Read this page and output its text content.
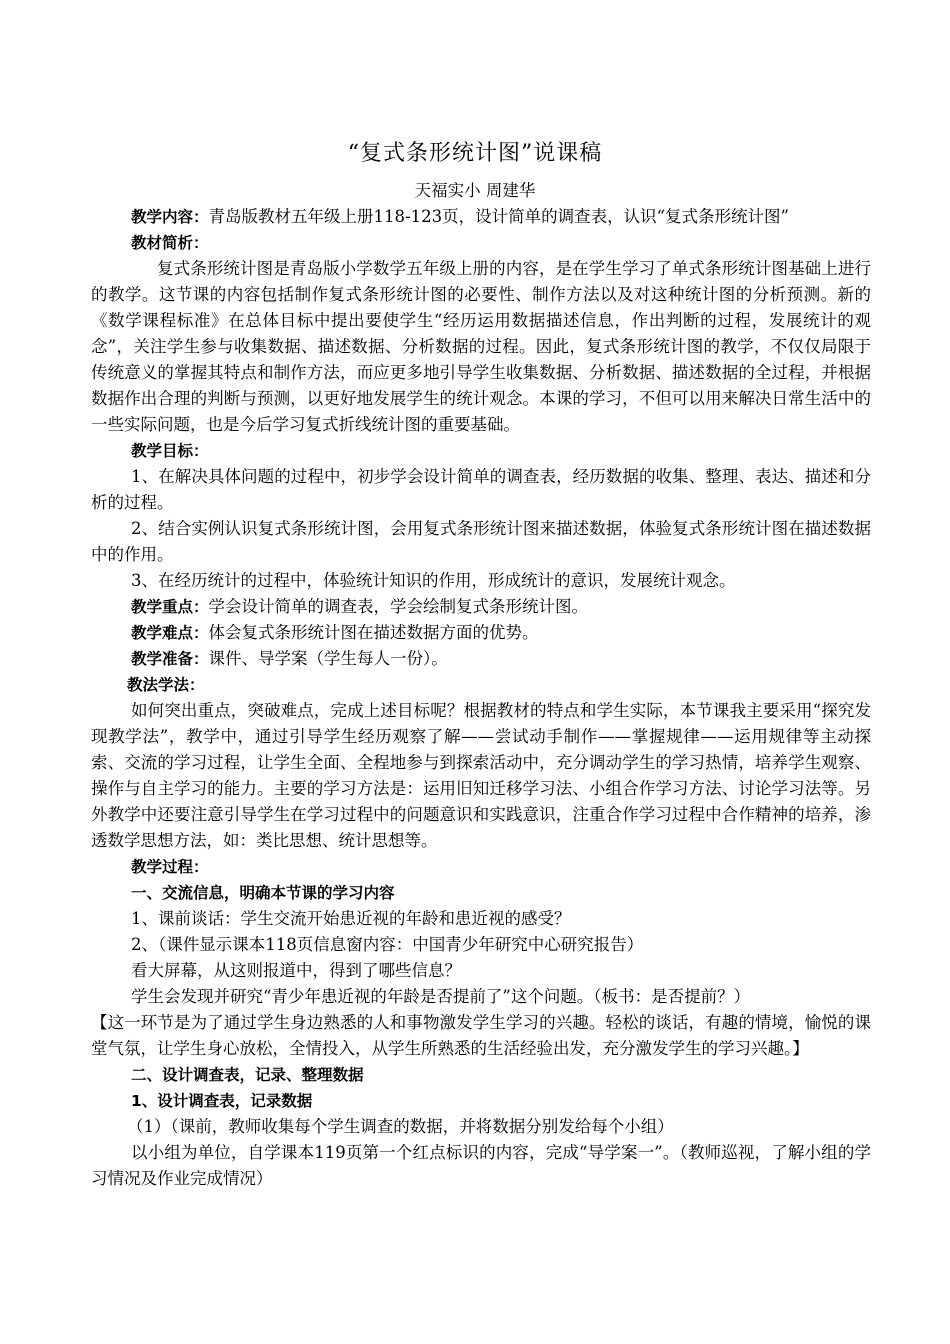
“复式条形统计图”说课稿
天福实小 周建华

教学内容：青岛版教材五年级上册118-123页，设计简单的调查表，认识“复式条形统计图”

教材简析：

复式条形统计图是青岛版小学数学五年级上册的内容，是在学生学习了单式条形统计图基础上进行的教学。这节课的内容包括制作复式条形统计图的必要性、制作方法以及对这种统计图的分析预测。新的《数学课程标准》在总体目标中提出要使学生“经历运用数据描述信息，作出判断的过程，发展统计的观念”，关注学生参与收集数据、描述数据、分析数据的过程。因此，复式条形统计图的教学，不仅仅局限于传统意义的掌握其特点和制作方法，而应更多地引导学生收集数据、分析数据、描述数据的全过程，并根据数据作出合理的判断与预测，以更好地发展学生的统计观念。本课的学习，不但可以用来解决日常生活中的一些实际问题，也是今后学习复式折线统计图的重要基础。

教学目标：

1、在解决具体问题的过程中，初步学会设计简单的调查表，经历数据的收集、整理、表达、描述和分析的过程。

2、结合实例认识复式条形统计图，会用复式条形统计图来描述数据，体验复式条形统计图在描述数据中的作用。

3、在经历统计的过程中，体验统计知识的作用，形成统计的意识，发展统计观念。

教学重点：学会设计简单的调查表，学会绘制复式条形统计图。

教学难点：体会复式条形统计图在描述数据方面的优势。

教学准备：课件、导学案（学生每人一份）。

教法学法：

如何突出重点，突破难点，完成上述目标呢？根据教材的特点和学生实际，本节课我主要采用“探究发现教学法”，教学中，通过引导学生经历观察了解——尝试动手制作——掌握规律——运用规律等主动探索、交流的学习过程，让学生全面、全程地参与到探索活动中，充分调动学生的学习热情，培养学生观察、操作与自主学习的能力。主要的学习方法是：运用旧知迁移学习法、小组合作学习方法、讨论学习法等。另外教学中还要注意引导学生在学习过程中的问题意识和实践意识，注重合作学习过程中合作精神的培养，渗透数学思想方法，如：类比思想、统计思想等。

教学过程：

一、交流信息，明确本节课的学习内容

1、课前谈话：学生交流开始患近视的年龄和患近视的感受？

2、（课件显示课本118页信息窗内容：中国青少年研究中心研究报告）

看大屏幕，从这则报道中，得到了哪些信息？

学生会发现并研究“青少年患近视的年龄是否提前了”这个问题。（板书：是否提前？）

【这一环节是为了通过学生身边熟悉的人和事物激发学生学习的兴趣。轻松的谈话，有趣的情境，愉悦的课堂气氛，让学生身心放松，全情投入，从学生所熟悉的生活经验出发，充分激发学生的学习兴趣。】

二、设计调查表，记录、整理数据

1、设计调查表，记录数据

（1）（课前，教师收集每个学生调查的数据，并将数据分别发给每个小组）

以小组为单位，自学课本119页第一个红点标识的内容，完成“导学案一”。（教师巡视，了解小组的学习情况及作业完成情况）
